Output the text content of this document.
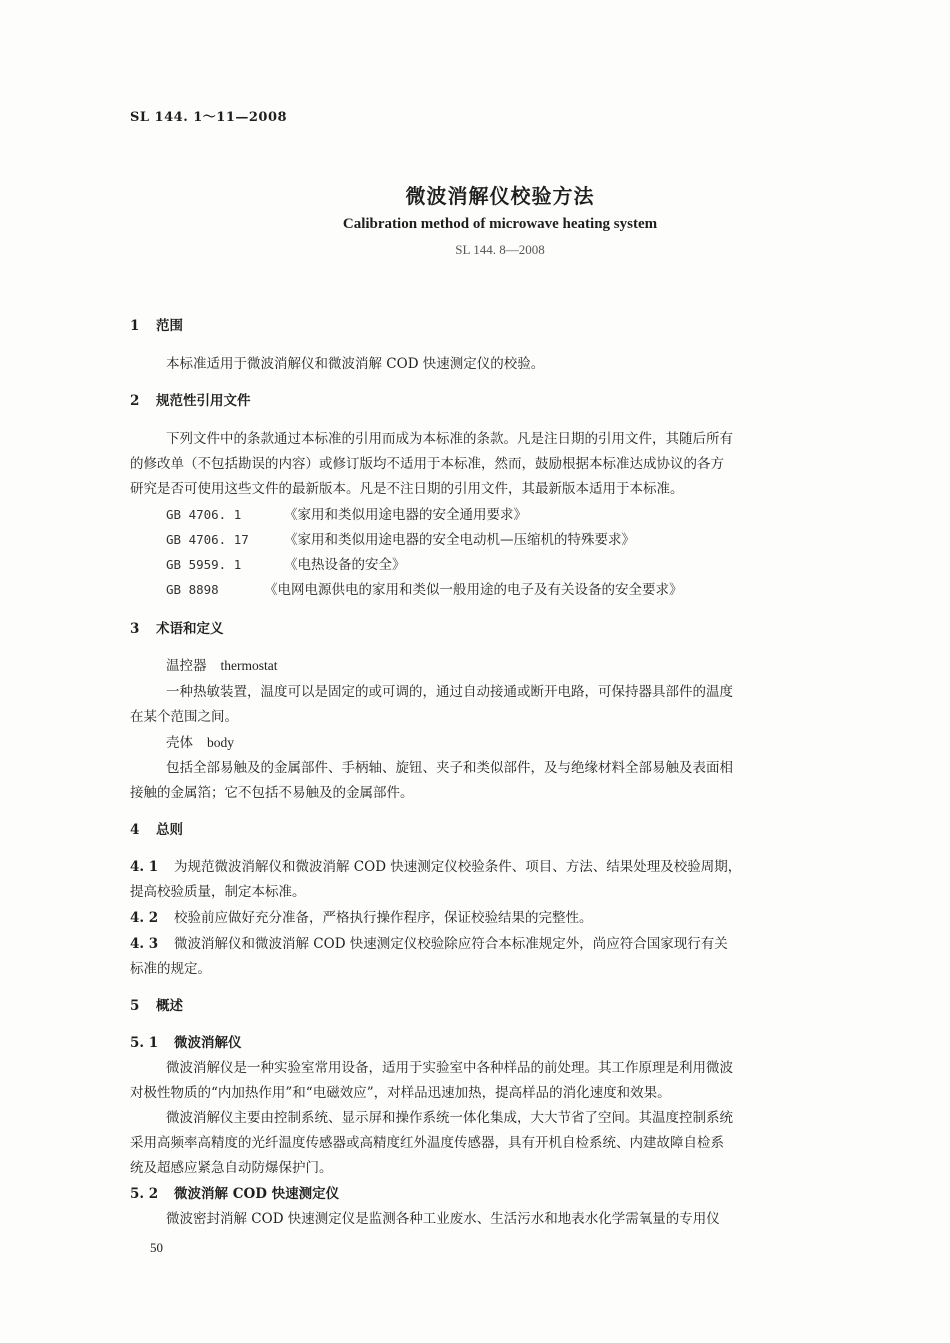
SL 144. 1～11—2008
微波消解仪校验方法
Calibration method of microwave heating system
SL 144. 8—2008
1 范围
本标准适用于微波消解仪和微波消解 COD 快速测定仪的校验。
2 规范性引用文件
下列文件中的条款通过本标准的引用而成为本标准的条款。凡是注日期的引用文件，其随后所有
的修改单（不包括勘误的内容）或修订版均不适用于本标准，然而，鼓励根据本标准达成协议的各方
研究是否可使用这些文件的最新版本。凡是不注日期的引用文件，其最新版本适用于本标准。
GB 4706. 1	《家用和类似用途电器的安全通用要求》
GB 4706. 17	《家用和类似用途电器的安全电动机—压缩机的特殊要求》
GB 5959. 1	《电热设备的安全》
GB 8898	《电网电源供电的家用和类似一般用途的电子及有关设备的安全要求》
3 术语和定义
温控器 thermostat
一种热敏装置，温度可以是固定的或可调的，通过自动接通或断开电路，可保持器具部件的温度
在某个范围之间。
壳体 body
包括全部易触及的金属部件、手柄轴、旋钮、夹子和类似部件，及与绝缘材料全部易触及表面相
接触的金属箔；它不包括不易触及的金属部件。
4 总则
4. 1 为规范微波消解仪和微波消解 COD 快速测定仪校验条件、项目、方法、结果处理及校验周期，
提高校验质量，制定本标准。
4. 2 校验前应做好充分准备，严格执行操作程序，保证校验结果的完整性。
4. 3 微波消解仪和微波消解 COD 快速测定仪校验除应符合本标准规定外，尚应符合国家现行有关
标准的规定。
5 概述
5. 1 微波消解仪
微波消解仪是一种实验室常用设备，适用于实验室中各种样品的前处理。其工作原理是利用微波
对极性物质的“内加热作用”和“电磁效应”，对样品迅速加热，提高样品的消化速度和效果。
微波消解仪主要由控制系统、显示屏和操作系统一体化集成，大大节省了空间。其温度控制系统
采用高频率高精度的光纤温度传感器或高精度红外温度传感器，具有开机自检系统、内建故障自检系
统及超感应紧急自动防爆保护门。
5. 2 微波消解 COD 快速测定仪
微波密封消解 COD 快速测定仪是监测各种工业废水、生活污水和地表水化学需氧量的专用仪
50
